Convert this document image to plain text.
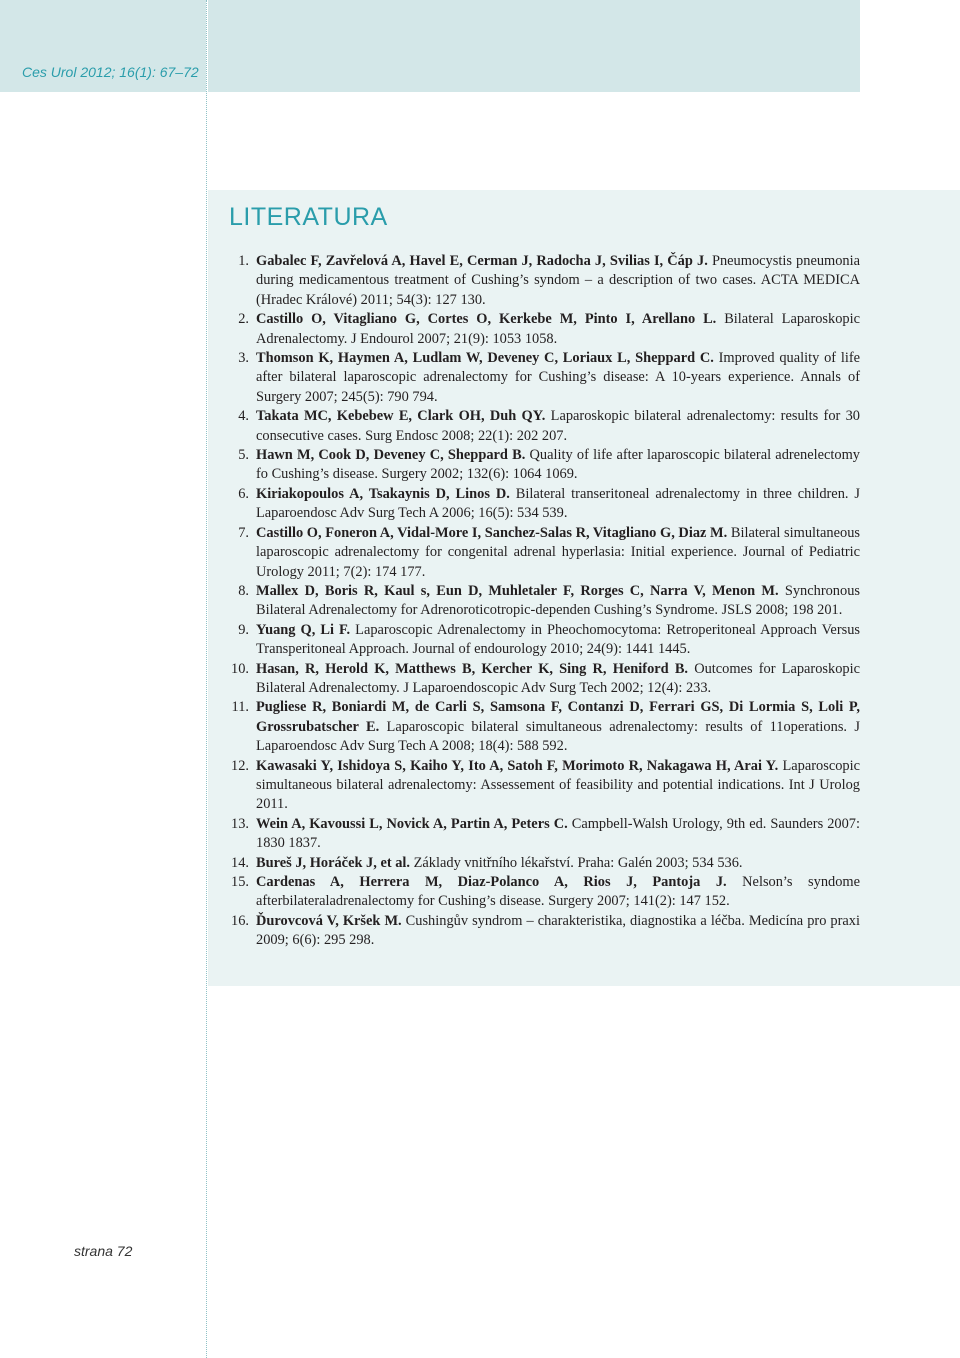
Ces Urol 2012; 16(1): 67–72
LITERATURA
1. Gabalec F, Zavřelová A, Havel E, Cerman J, Radocha J, Svilias I, Čáp J. Pneumocystis pneumonia during medicamentous treatment of Cushing’s syndom – a description of two cases. ACTA MEDICA (Hradec Králové) 2011; 54(3): 127 130.
2. Castillo O, Vitagliano G, Cortes O, Kerkebe M, Pinto I, Arellano L. Bilateral Laparoskopic Adrenalectomy. J Endourol 2007; 21(9): 1053 1058.
3. Thomson K, Haymen A, Ludlam W, Deveney C, Loriaux L, Sheppard C. Improved quality of life after bilateral laparoscopic adrenalectomy for Cushing’s disease: A 10-years experience. Annals of Surgery 2007; 245(5): 790 794.
4. Takata MC, Kebebew E, Clark OH, Duh QY. Laparoskopic bilateral adrenalectomy: results for 30 consecutive cases. Surg Endosc 2008; 22(1): 202 207.
5. Hawn M, Cook D, Deveney C, Sheppard B. Quality of life after laparoscopic bilateral adrenelectomy fo Cushing’s disease. Surgery 2002; 132(6): 1064 1069.
6. Kiriakopoulos A, Tsakaynis D, Linos D. Bilateral transeritoneal adrenalectomy in three children. J Laparoendosc Adv Surg Tech A 2006; 16(5): 534 539.
7. Castillo O, Foneron A, Vidal-More I, Sanchez-Salas R, Vitagliano G, Diaz M. Bilateral simultaneous laparoscopic adrenalectomy for congenital adrenal hyperlasia: Initial experience. Journal of Pediatric Urology 2011; 7(2): 174 177.
8. Mallex D, Boris R, Kaul s, Eun D, Muhletaler F, Rorges C, Narra V, Menon M. Synchronous Bilateral Adrenalectomy for Adrenoroticotropic-dependen Cushing’s Syndrome. JSLS 2008; 198 201.
9. Yuang Q, Li F. Laparoscopic Adrenalectomy in Pheochomocytoma: Retroperitoneal Approach Versus Transperitoneal Approach. Journal of endourology 2010; 24(9): 1441 1445.
10. Hasan, R, Herold K, Matthews B, Kercher K, Sing R, Heniford B. Outcomes for Laparoskopic Bilateral Adrenalectomy. J Laparoendoscopic Adv Surg Tech 2002; 12(4): 233.
11. Pugliese R, Boniardi M, de Carli S, Samsona F, Contanzi D, Ferrari GS, Di Lormia S, Loli P, Grossrubatscher E. Laparoscopic bilateral simultaneous adrenalectomy: results of 11operations. J Laparoendosc Adv Surg Tech A 2008; 18(4): 588 592.
12. Kawasaki Y, Ishidoya S, Kaiho Y, Ito A, Satoh F, Morimoto R, Nakagawa H, Arai Y. Laparoscopic simultaneous bilateral adrenalectomy: Assessement of feasibility and potential indications. Int J Urolog 2011.
13. Wein A, Kavoussi L, Novick A, Partin A, Peters C. Campbell-Walsh Urology, 9th ed. Saunders 2007: 1830 1837.
14. Bureš J, Horáček J, et al. Základy vnitřního lékařství. Praha: Galén 2003; 534 536.
15. Cardenas A, Herrera M, Diaz-Polanco A, Rios J, Pantoja J. Nelson’s syndome afterbilateraladrenalectomy for Cushing’s disease. Surgery 2007; 141(2): 147 152.
16. Ďurovcová V, Kršek M. Cushingův syndrom – charakteristika, diagnostika a léčba. Medicína pro praxi 2009; 6(6): 295 298.
strana 72
